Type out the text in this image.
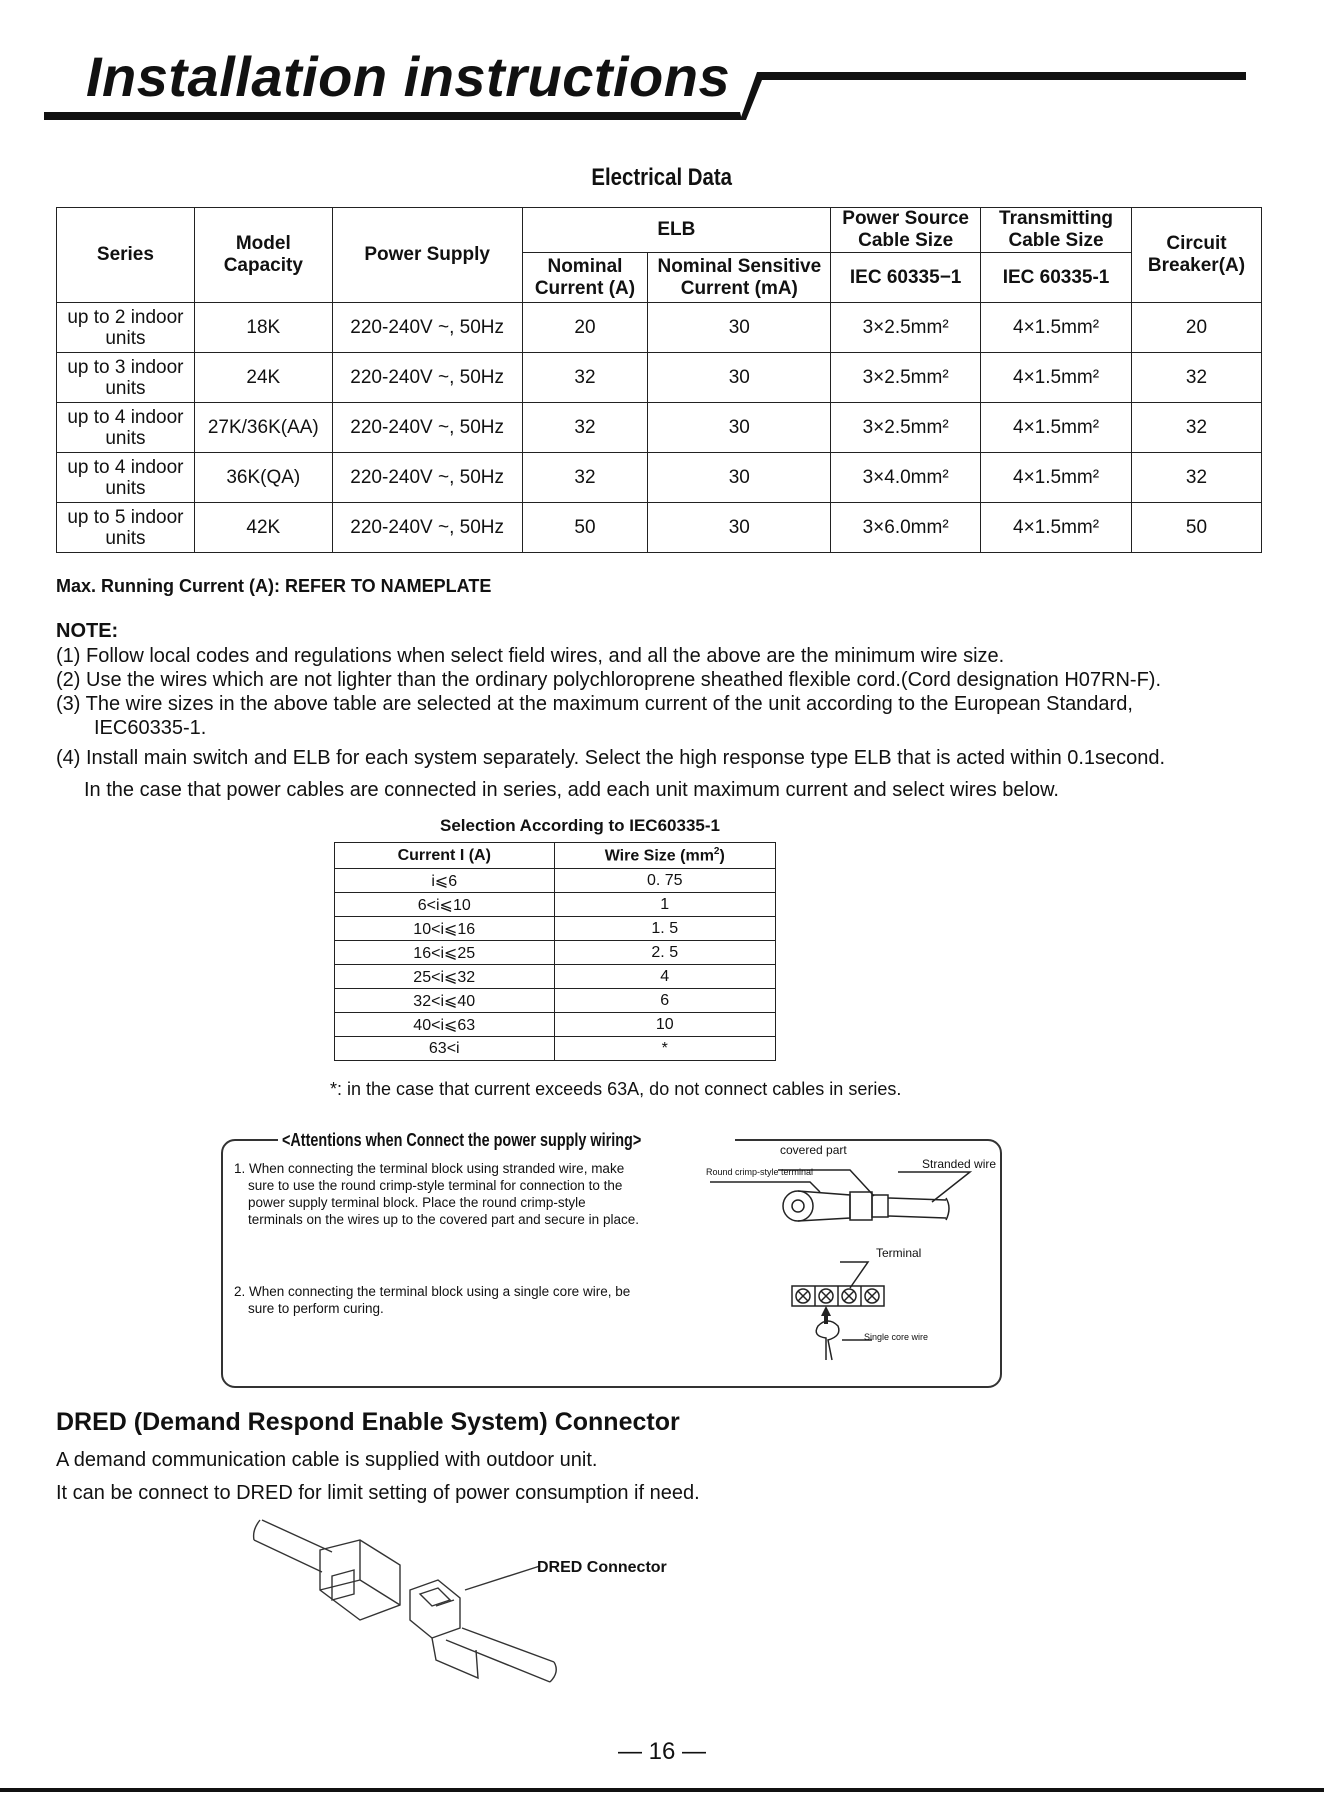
Installation instructions
Electrical Data
Series	Model Capacity	Power Supply	ELB		Power Source Cable Size	Transmitting Cable Size	Circuit Breaker(A)
			Nominal Current (A)	Nominal Sensitive Current (mA)	IEC 60335−1	IEC 60335-1	
up to 2 indoor units	18K	220-240V ~, 50Hz	20	30	3×2.5mm²	4×1.5mm²	20
up to 3 indoor units	24K	220-240V ~, 50Hz	32	30	3×2.5mm²	4×1.5mm²	32
up to 4 indoor units	27K/36K(AA)	220-240V ~, 50Hz	32	30	3×2.5mm²	4×1.5mm²	32
up to 4 indoor units	36K(QA)	220-240V ~, 50Hz	32	30	3×4.0mm²	4×1.5mm²	32
up to 5 indoor units	42K	220-240V ~, 50Hz	50	30	3×6.0mm²	4×1.5mm²	50
Max. Running Current (A): REFER TO NAMEPLATE
NOTE:
(1) Follow local codes and regulations when select field wires, and all the above are the minimum wire size.
(2) Use the wires which are not lighter than the ordinary polychloroprene sheathed flexible cord.(Cord designation H07RN-F).
(3) The wire sizes in the above table are selected at the maximum current of the unit according to the European Standard,
IEC60335-1.
(4) Install main switch and ELB for each system separately. Select the high response type ELB that is acted within 0.1second.
In the case that power cables are connected in series, add each unit maximum current and select wires below.
Selection According to IEC60335-1
Current I (A)	Wire Size $(mm^2)$
i⩽6	0. 75
6<i⩽10	1
10<i⩽16	1. 5
16<i⩽25	2. 5
25<i⩽32	4
32<i⩽40	6
40<i⩽63	10
63<i	*
*: in the case that current exceeds 63A, do not connect cables in series.
<Attentions when Connect the power supply wiring>
1. When connecting the terminal block using stranded wire, make
sure to use the round crimp-style terminal for connection to the
power supply terminal block. Place the round crimp-style
terminals on the wires up to the covered part and secure in place.
2. When connecting the terminal block using a single core wire, be
sure to perform curing.
covered part
Round crimp-style terminal
Stranded wire
Terminal
Single core wire
DRED (Demand Respond Enable System) Connector
A demand communication cable is supplied with outdoor unit.
It can be connect to DRED for limit setting of power consumption if need.
DRED Connector
— 16 —
